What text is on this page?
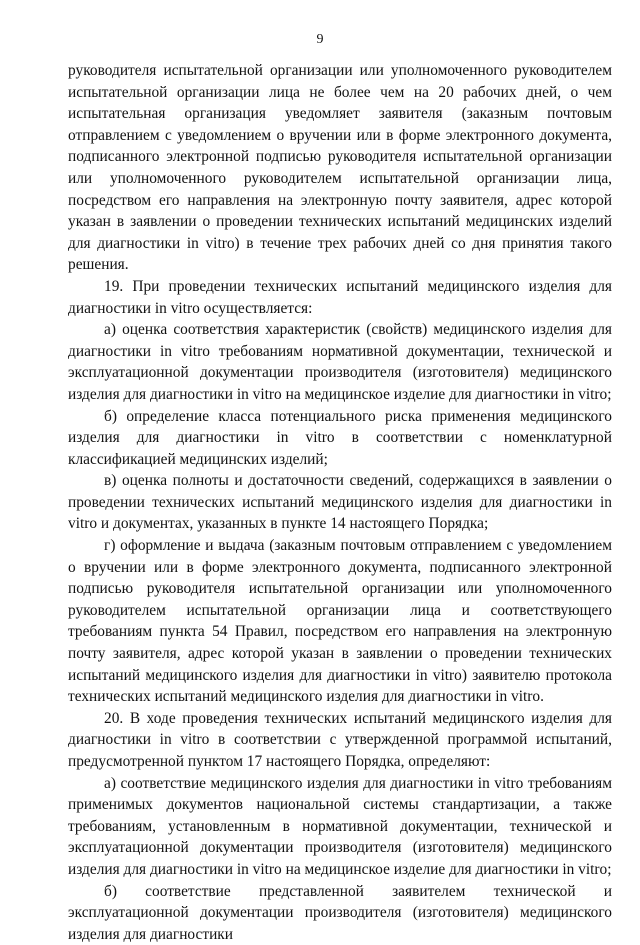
9

руководителя испытательной организации или уполномоченного руководителем испытательной организации лица не более чем на 20 рабочих дней, о чем испытательная организация уведомляет заявителя (заказным почтовым отправлением с уведомлением о вручении или в форме электронного документа, подписанного электронной подписью руководителя испытательной организации или уполномоченного руководителем испытательной организации лица, посредством его направления на электронную почту заявителя, адрес которой указан в заявлении о проведении технических испытаний медицинских изделий для диагностики in vitro) в течение трех рабочих дней со дня принятия такого решения.

19. При проведении технических испытаний медицинского изделия для диагностики in vitro осуществляется:

а) оценка соответствия характеристик (свойств) медицинского изделия для диагностики in vitro требованиям нормативной документации, технической и эксплуатационной документации производителя (изготовителя) медицинского изделия для диагностики in vitro на медицинское изделие для диагностики in vitro;

б) определение класса потенциального риска применения медицинского изделия для диагностики in vitro в соответствии с номенклатурной классификацией медицинских изделий;

в) оценка полноты и достаточности сведений, содержащихся в заявлении о проведении технических испытаний медицинского изделия для диагностики in vitro и документах, указанных в пункте 14 настоящего Порядка;

г) оформление и выдача (заказным почтовым отправлением с уведомлением о вручении или в форме электронного документа, подписанного электронной подписью руководителя испытательной организации или уполномоченного руководителем испытательной организации лица и соответствующего требованиям пункта 54 Правил, посредством его направления на электронную почту заявителя, адрес которой указан в заявлении о проведении технических испытаний медицинского изделия для диагностики in vitro) заявителю протокола технических испытаний медицинского изделия для диагностики in vitro.

20. В ходе проведения технических испытаний медицинского изделия для диагностики in vitro в соответствии с утвержденной программой испытаний, предусмотренной пунктом 17 настоящего Порядка, определяют:

а) соответствие медицинского изделия для диагностики in vitro требованиям применимых документов национальной системы стандартизации, а также требованиям, установленным в нормативной документации, технической и эксплуатационной документации производителя (изготовителя) медицинского изделия для диагностики in vitro на медицинское изделие для диагностики in vitro;

б) соответствие представленной заявителем технической и эксплуатационной документации производителя (изготовителя) медицинского изделия для диагностики
